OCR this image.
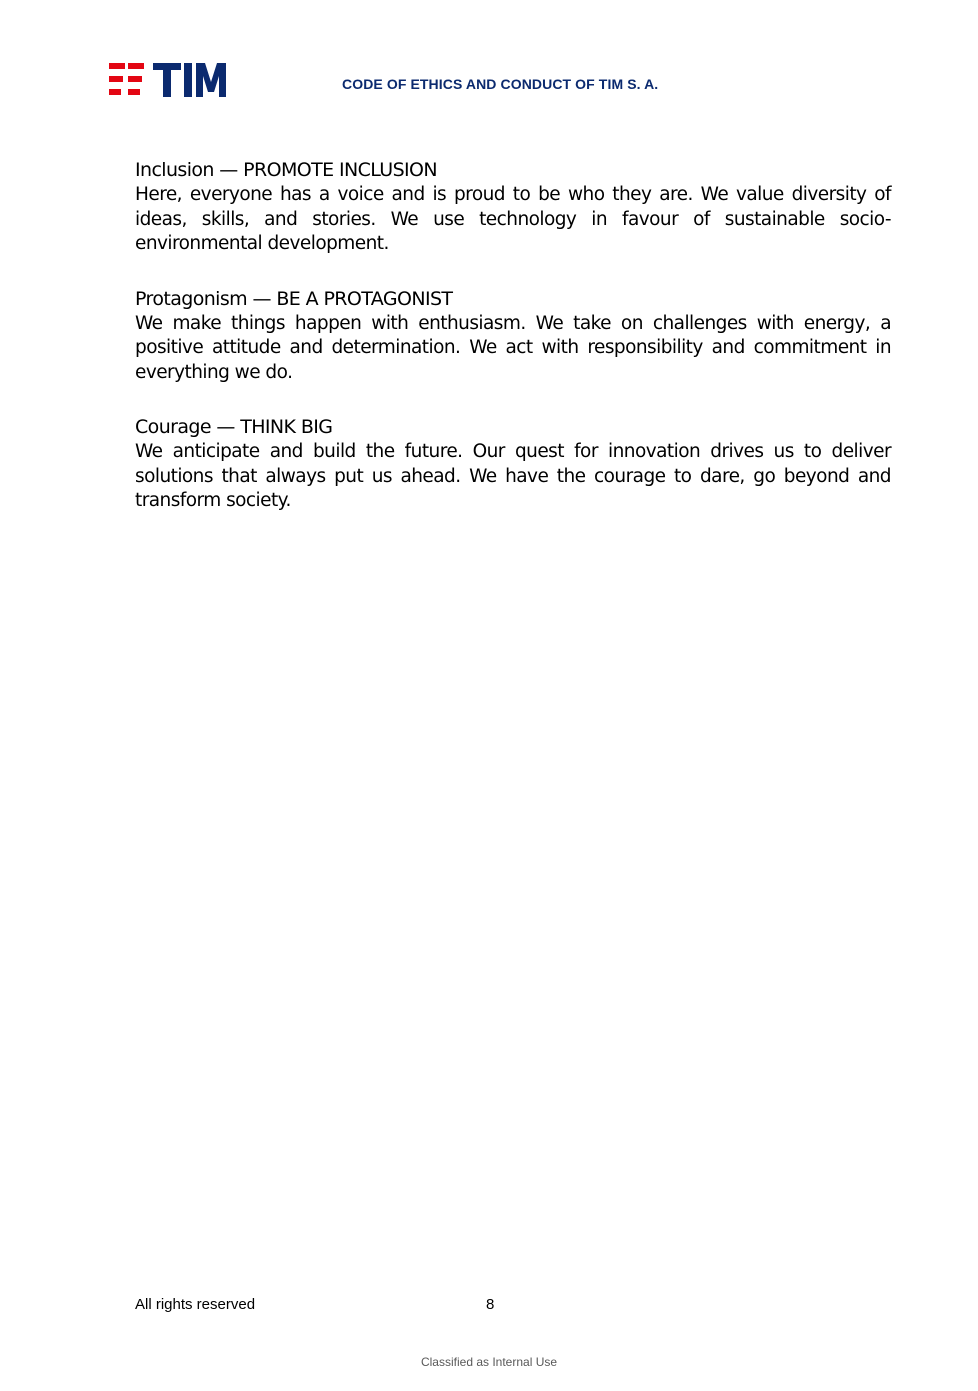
CODE OF ETHICS AND CONDUCT OF TIM S. A.

Inclusion — PROMOTE INCLUSION

Here, everyone has a voice and is proud to be who they are. We value diversity of ideas, skills, and stories. We use technology in favour of sustainable socio-environmental development.

Protagonism — BE A PROTAGONIST

We make things happen with enthusiasm. We take on challenges with energy, a positive attitude and determination. We act with responsibility and commitment in everything we do.

Courage — THINK BIG

We anticipate and build the future. Our quest for innovation drives us to deliver solutions that always put us ahead. We have the courage to dare, go beyond and transform society.

All rights reserved	8
Classified as Internal Use
